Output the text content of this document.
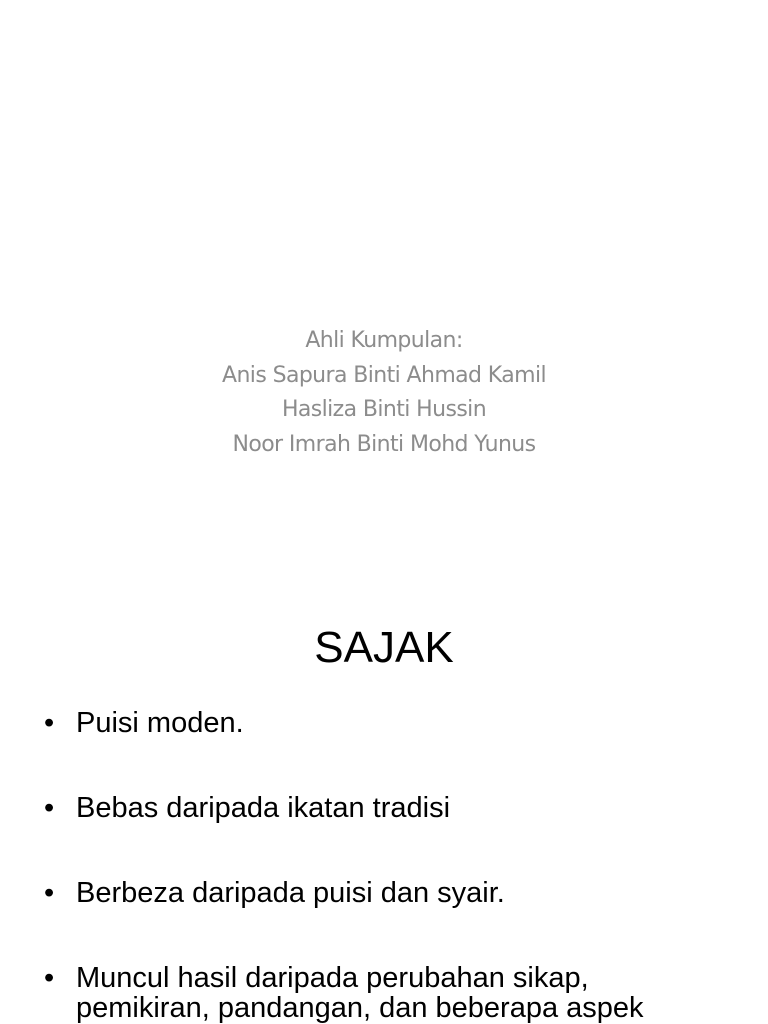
Ahli Kumpulan:
Anis Sapura Binti Ahmad Kamil
Hasliza Binti Hussin
Noor Imrah Binti Mohd Yunus
SAJAK
• Puisi moden.
• Bebas daripada ikatan tradisi
• Berbeza daripada puisi dan syair.
• Muncul hasil daripada perubahan sikap, pemikiran, pandangan, dan beberapa aspek
